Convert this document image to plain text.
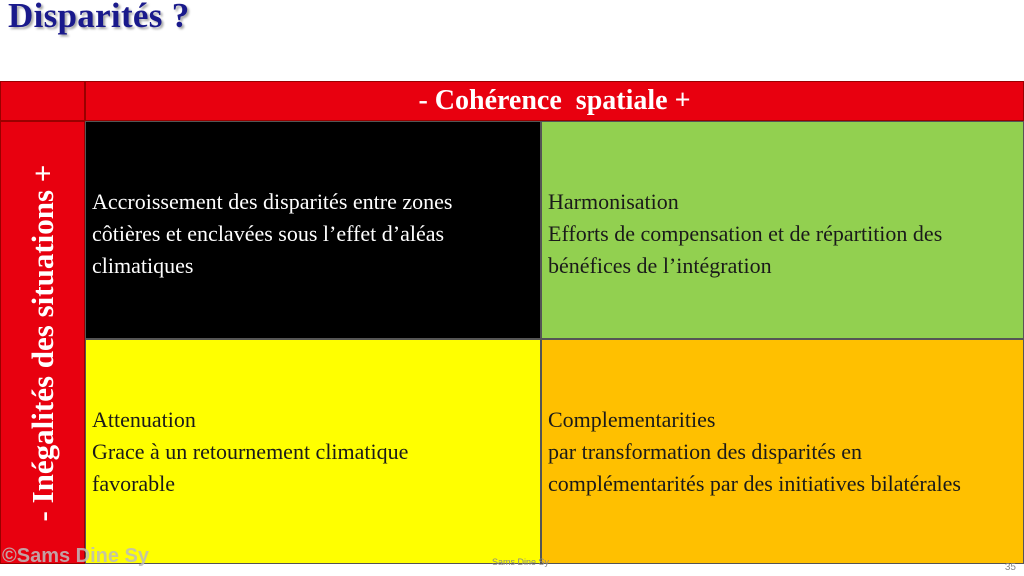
Disparités ?
- Cohérence  spatiale +
- Inégalités des situations + Accroissement des disparités entre zones

côtières et enclavées sous l’effet d’aléas

climatiques

Harmonisation

Efforts de compensation et de répartition des

bénéfices de l’intégration

Attenuation

Grace à un retournement climatique

favorable

Complementarities

par transformation des disparités en

complémentarités par des initiatives bilatérales

©Sams Dine Sy	Sams Dine Sy	35
